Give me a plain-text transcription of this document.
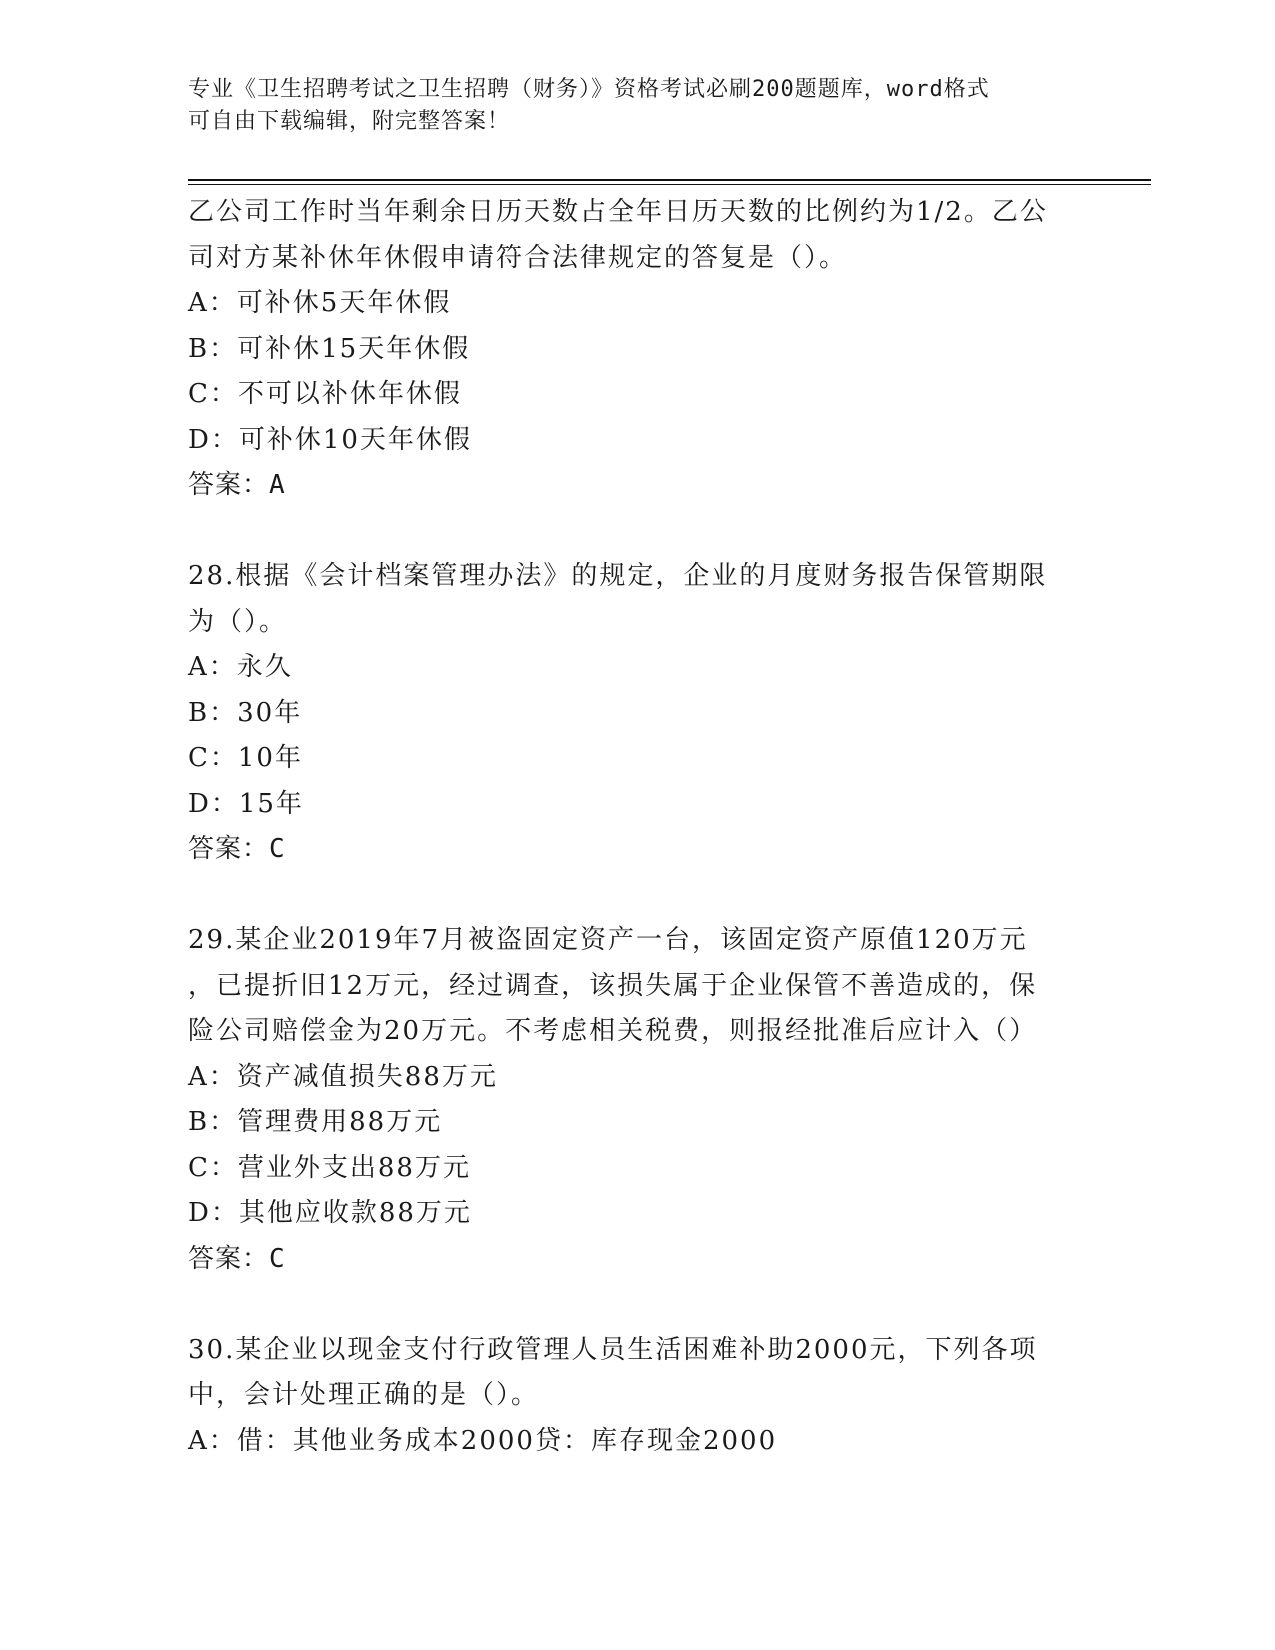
专业《卫生招聘考试之卫生招聘（财务）》资格考试必刷200题题库，word格式
可自由下载编辑，附完整答案！
乙公司工作时当年剩余日历天数占全年日历天数的比例约为1/2。乙公
司对方某补休年休假申请符合法律规定的答复是（）。
A：可补休5天年休假
B：可补休15天年休假
C：不可以补休年休假
D：可补休10天年休假
答案：A
28.根据《会计档案管理办法》的规定，企业的月度财务报告保管期限
为（）。
A：永久
B：30年
C：10年
D：15年
答案：C
29.某企业2019年7月被盗固定资产一台，该固定资产原值120万元
，已提折旧12万元，经过调查，该损失属于企业保管不善造成的，保
险公司赔偿金为20万元。不考虑相关税费，则报经批准后应计入（）
A：资产减值损失88万元
B：管理费用88万元
C：营业外支出88万元
D：其他应收款88万元
答案：C
30.某企业以现金支付行政管理人员生活困难补助2000元，下列各项
中，会计处理正确的是（）。
A：借：其他业务成本2000贷：库存现金2000
